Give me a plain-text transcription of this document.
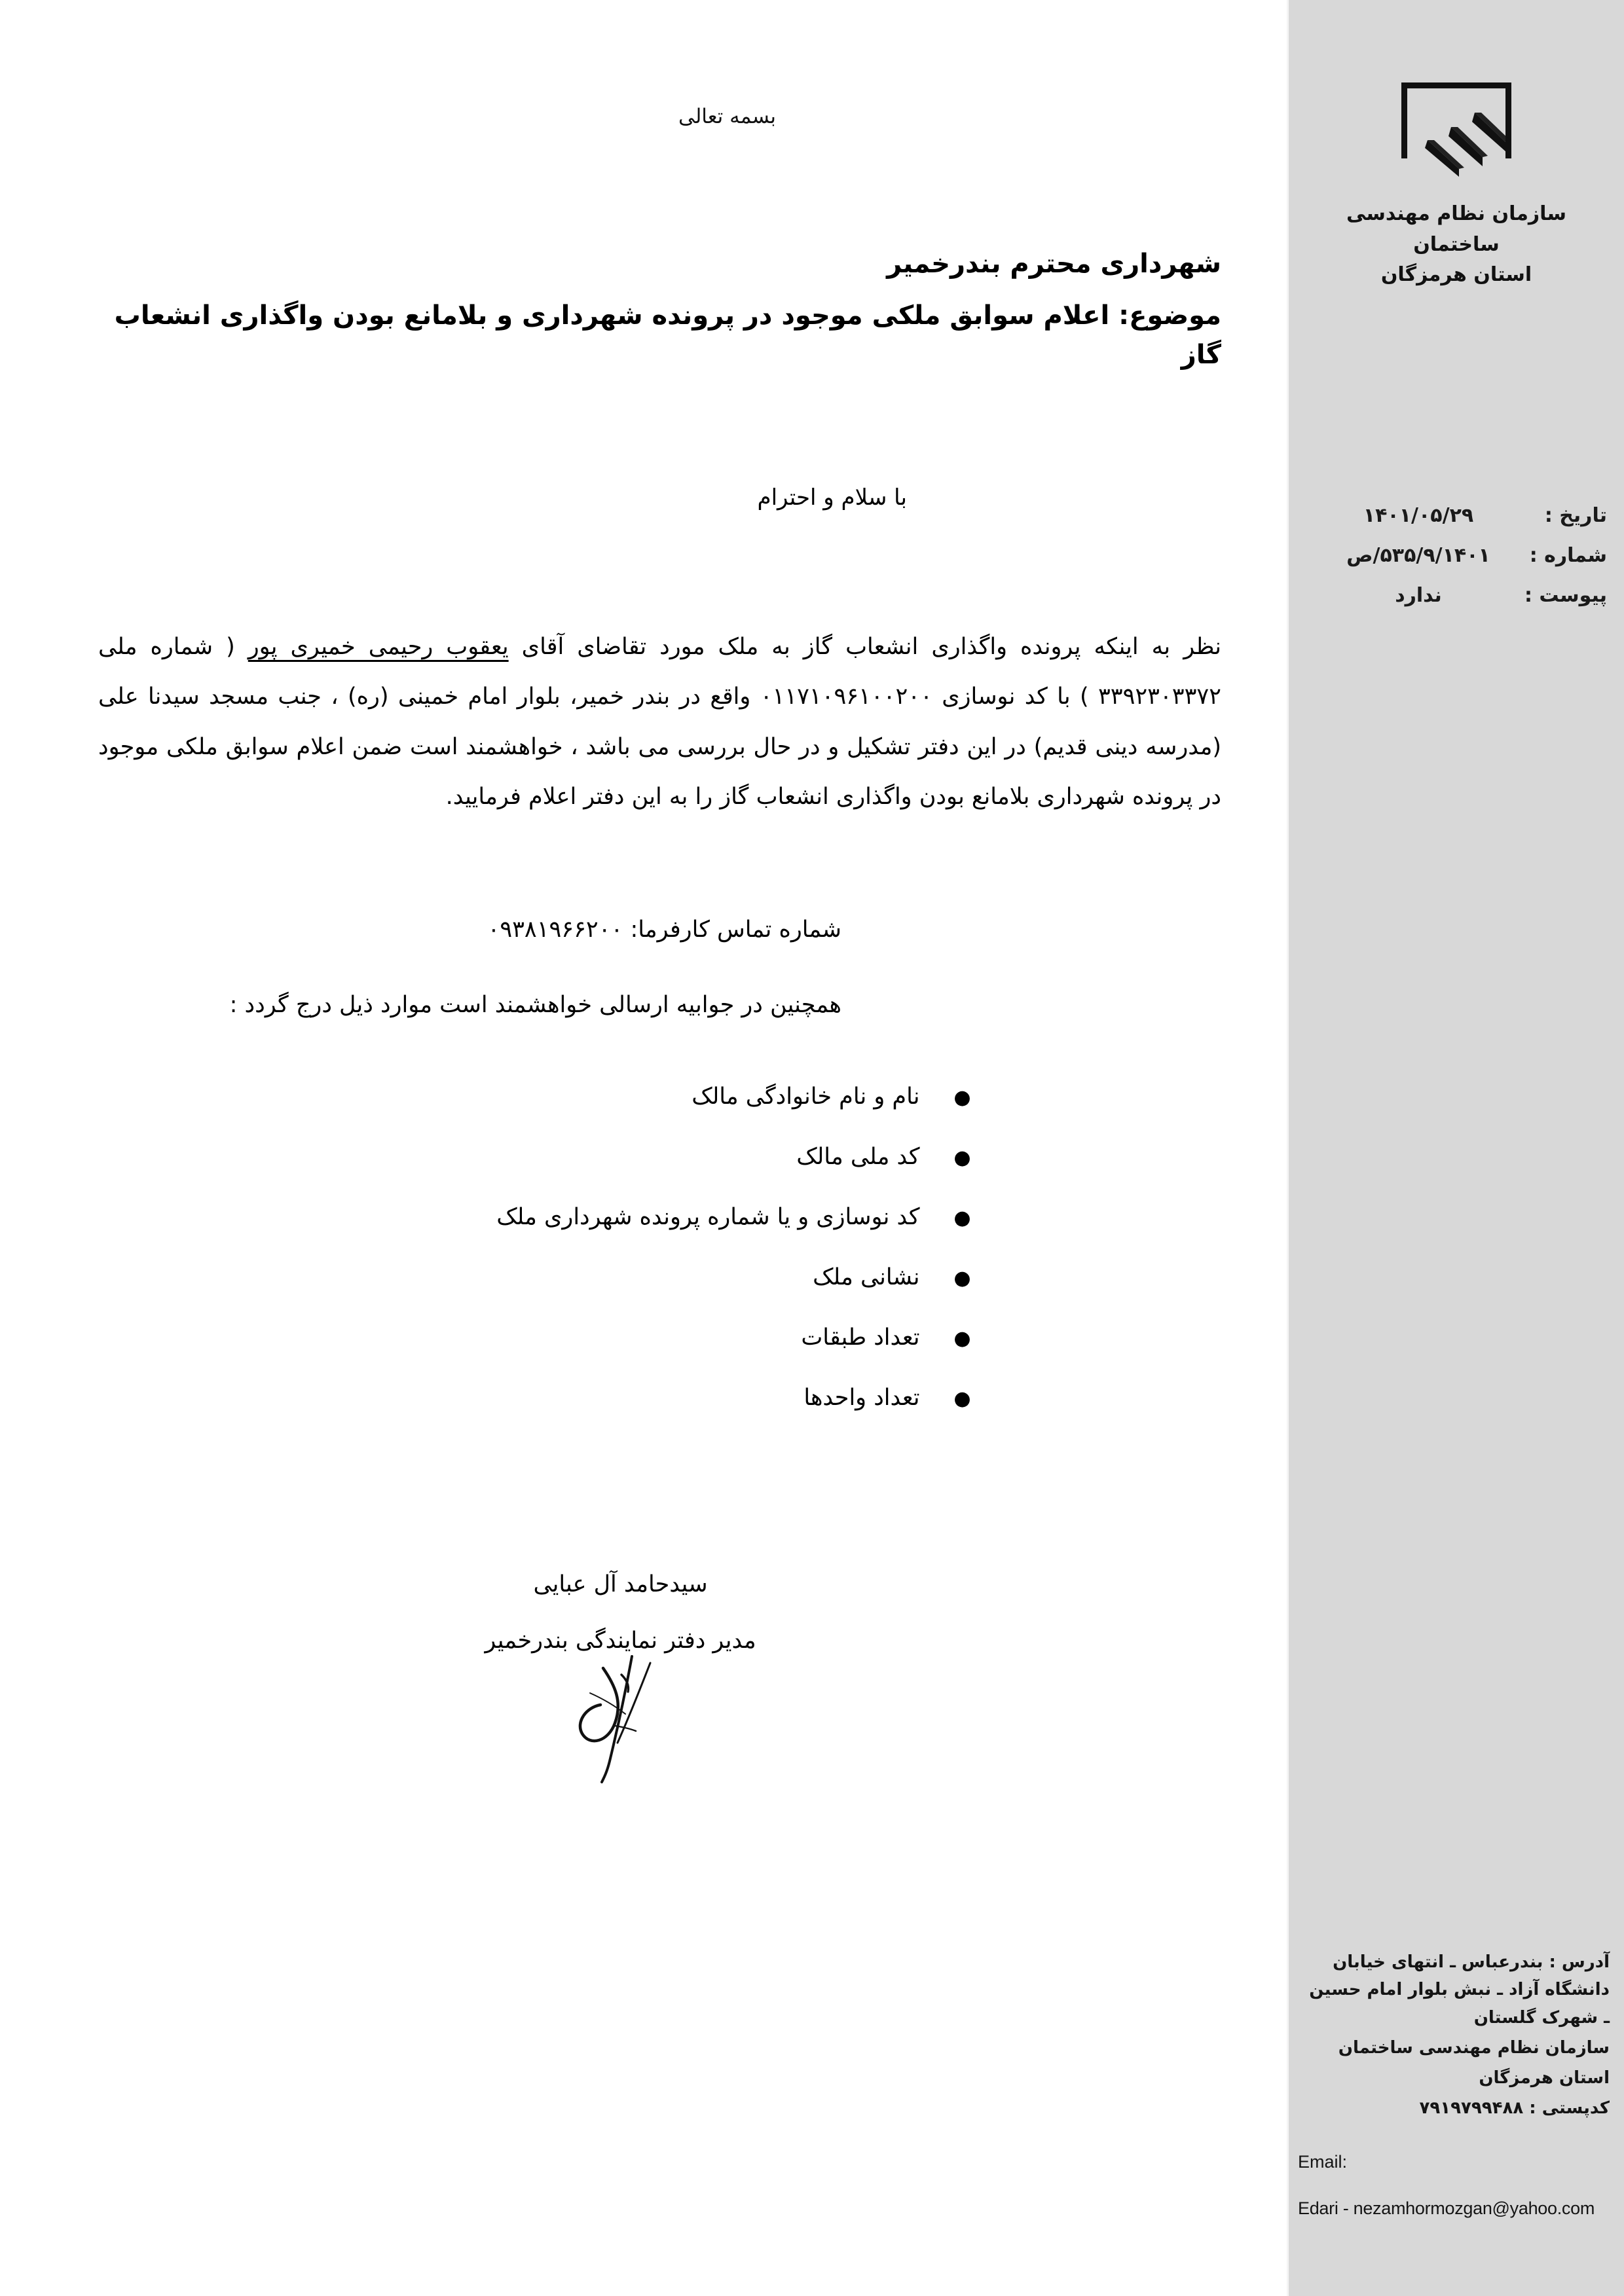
بسمه تعالی
شهرداری محترم بندرخمیر
موضوع: اعلام سوابق ملکی موجود در پرونده شهرداری و بلامانع بودن واگذاری انشعاب گاز
با سلام و احترام
نظر به اینکه پرونده واگذاری انشعاب گاز به ملک مورد تقاضای آقای یعقوب رحیمی خمیری پور ( شماره ملی ۳۳۹۲۳۰۳۳۷۲ ) با کد نوسازی ۰۱۱۷۱۰۹۶۱۰۰۲۰۰ واقع در بندر خمیر، بلوار امام خمینی (ره) ، جنب مسجد سیدنا علی (مدرسه دینی قدیم) در این دفتر تشکیل و در حال بررسی می باشد ، خواهشمند است ضمن اعلام سوابق ملکی موجود در پرونده شهرداری بلامانع بودن واگذاری انشعاب گاز را به این دفتر اعلام فرمایید.
شماره تماس کارفرما: ۰۹۳۸۱۹۶۶۲۰۰
همچنین در جوابیه ارسالی خواهشمند است موارد ذیل درج گردد :
●
نام و نام خانوادگی مالک
●
کد ملی مالک
●
کد نوسازی و یا شماره پرونده شهرداری ملک
●
نشانی ملک
●
تعداد طبقات
●
تعداد واحدها
سیدحامد آل عبایی
مدیر دفتر نمایندگی بندرخمیر
سازمان نظام مهندسی ساختمان
استان هرمزگان
تاریخ :
۱۴۰۱/۰۵/۲۹
شماره :
۵۳۵/۹/۱۴۰۱/ص
پیوست :
ندارد
آدرس : بندرعباس ـ انتهای خیابان دانشگاه آزاد ـ نبش بلوار امام حسین ـ شهرک گلستان
سازمان نظام مهندسی ساختمان
استان هرمزگان
کدپستی : ۷۹۱۹۷۹۹۴۸۸
Email:
Edari - nezamhormozgan@yahoo.com
